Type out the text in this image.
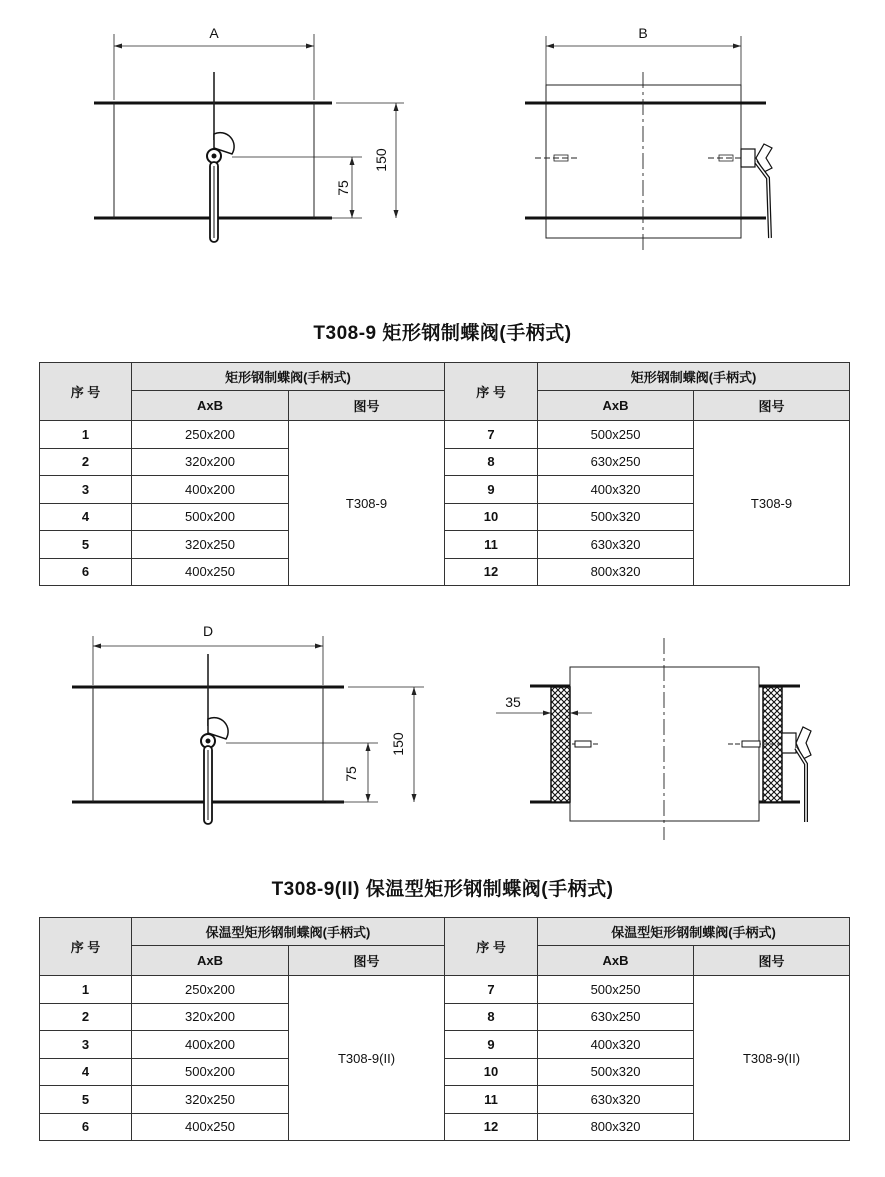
A
75
150
B
T308-9 矩形钢制蝶阀(手柄式)
序 号	矩形钢制蝶阀(手柄式)		序 号	矩形钢制蝶阀(手柄式)	
	AxB	图号		AxB	图号
1	250x200	T308-9	7	500x250	T308-9
2	320x200		8	630x250	
3	400x200		9	400x320	
4	500x200		10	500x320	
5	320x250		11	630x320	
6	400x250		12	800x320	
D
75
150
35
T308-9(II) 保温型矩形钢制蝶阀(手柄式)
序 号	保温型矩形钢制蝶阀(手柄式)		序 号	保温型矩形钢制蝶阀(手柄式)	
	AxB	图号		AxB	图号
1	250x200	T308-9(II)	7	500x250	T308-9(II)
2	320x200		8	630x250	
3	400x200		9	400x320	
4	500x200		10	500x320	
5	320x250		11	630x320	
6	400x250		12	800x320	
